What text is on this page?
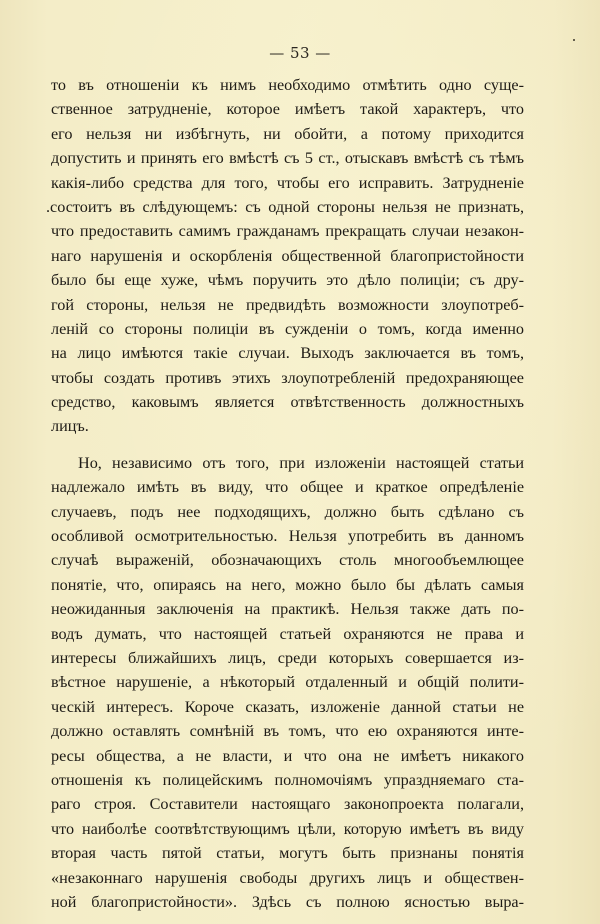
— 53 —

то въ отношенiи къ нимъ необходимо отмѣтить одно суще-
ственное затрудненiе, которое имѣетъ такой характеръ, что
его нельзя ни избѣгнуть, ни обойти, а потому приходится
допустить и принять его вмѣстѣ съ 5 ст., отыскавъ вмѣстѣ съ тѣмъ
какiя-либо средства для того, чтобы его исправить. Затрудненiе
.состоитъ въ слѣдующемъ: съ одной стороны нельзя не признать,
что предоставить самимъ гражданамъ прекращать случаи незакон-
наго нарушенiя и оскорбленiя общественной благопристойности
было бы еще хуже, чѣмъ поручить это дѣло полицiи; съ дру-
гой стороны, нельзя не предвидѣть возможности злоупотреб-
ленiй со стороны полицiи въ сужденiи о томъ, когда именно
на лицо имѣются такiе случаи. Выходъ заключается въ томъ,
чтобы создать противъ этихъ злоупотребленiй предохраняющее
средство, каковымъ является отвѣтственность должностныхъ
лицъ.

Но, независимо отъ того, при изложенiи настоящей статьи
надлежало имѣть въ виду, что общее и краткое опредѣленiе
случаевъ, подъ нее подходящихъ, должно быть сдѣлано съ
особливой осмотрительностью. Нельзя употребить въ данномъ
случаѣ выраженiй, обозначающихъ столь многообъемлющее
понятiе, что, опираясь на него, можно было бы дѣлать самыя
неожиданныя заключенiя на практикѣ. Нельзя также дать по-
водъ думать, что настоящей статьей охраняются не права и
интересы ближайшихъ лицъ, среди которыхъ совершается из-
вѣстное нарушенiе, а нѣкоторый отдаленный и общiй полити-
ческiй интересъ. Короче сказать, изложенiе данной статьи не
должно оставлять сомнѣнiй въ томъ, что ею охраняются инте-
ресы общества, а не власти, и что она не имѣетъ никакого
отношенiя къ полицейскимъ полномочiямъ упраздняемаго ста-
раго строя. Составители настоящаго законопроекта полагали,
что наиболѣе соотвѣтствующимъ цѣли, которую имѣетъ въ виду
вторая часть пятой статьи, могутъ быть признаны понятiя
«незаконнаго нарушенiя свободы другихъ лицъ и обществен-
ной благопристойности». Здѣсь съ полною ясностью выра-
